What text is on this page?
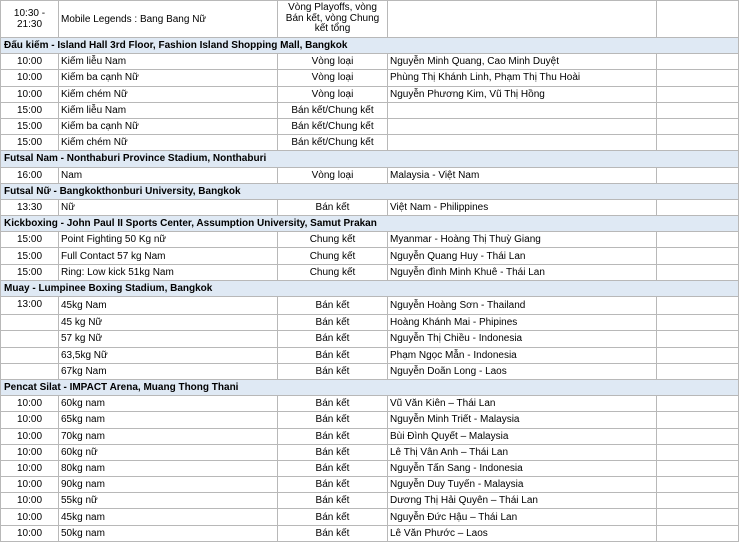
10:30 - 21:30	Mobile Legends : Bang Bang Nữ	Vòng Playoffs, vòng Bán kết, vòng Chung kết tổng		
Đấu kiếm - Island Hall 3rd Floor, Fashion Island Shopping Mall, Bangkok				
10:00	Kiếm liễu Nam	Vòng loại	Nguyễn Minh Quang, Cao Minh Duyệt	
10:00	Kiếm ba cạnh Nữ	Vòng loại	Phùng Thị Khánh Linh, Phạm Thị Thu Hoài	
10:00	Kiếm chém Nữ	Vòng loại	Nguyễn Phương Kim, Vũ Thị Hồng	
15:00	Kiếm liễu Nam	Bán kết/Chung kết		
15:00	Kiếm ba cạnh Nữ	Bán kết/Chung kết		
15:00	Kiếm chém Nữ	Bán kết/Chung kết		
Futsal Nam - Nonthaburi Province Stadium, Nonthaburi				
16:00	Nam	Vòng loại	Malaysia - Việt Nam	
Futsal Nữ - Bangkokthonburi University, Bangkok				
13:30	Nữ	Bán kết	Việt Nam - Philippines	
Kickboxing - John Paul II Sports Center, Assumption University, Samut Prakan				
15:00	Point Fighting 50 Kg nữ	Chung kết	Myanmar - Hoàng Thị Thuỳ Giang	
15:00	Full Contact 57 kg Nam	Chung kết	Nguyễn Quang Huy - Thái Lan	
15:00	Ring: Low kick 51kg Nam	Chung kết	Nguyễn đình Minh Khuê - Thái Lan	
Muay - Lumpinee Boxing Stadium, Bangkok				
13:00	45kg Nam	Bán kết	Nguyễn Hoàng Sơn - Thailand	
	45 kg Nữ	Bán kết	Hoàng Khánh Mai - Phipines	
	57 kg Nữ	Bán kết	Nguyễn Thị Chiều - Indonesia	
	63,5kg Nữ	Bán kết	Phạm Ngọc Mẫn - Indonesia	
	67kg Nam	Bán kết	Nguyễn Doãn Long - Laos	
Pencat Silat - IMPACT Arena, Muang Thong Thani				
10:00	60kg nam	Bán kết	Vũ Văn Kiên – Thái Lan	
10:00	65kg nam	Bán kết	Nguyễn Minh Triết - Malaysia	
10:00	70kg nam	Bán kết	Bùi Đình Quyết – Malaysia	
10:00	60kg nữ	Bán kết	Lê Thị Vân Anh – Thái Lan	
10:00	80kg nam	Bán kết	Nguyễn Tấn Sang - Indonesia	
10:00	90kg nam	Bán kết	Nguyễn Duy Tuyến - Malaysia	
10:00	55kg nữ	Bán kết	Dương Thị Hải Quyên – Thái Lan	
10:00	45kg nam	Bán kết	Nguyễn Đức Hậu – Thái Lan	
10:00	50kg nam	Bán kết	Lê Văn Phước – Laos	
